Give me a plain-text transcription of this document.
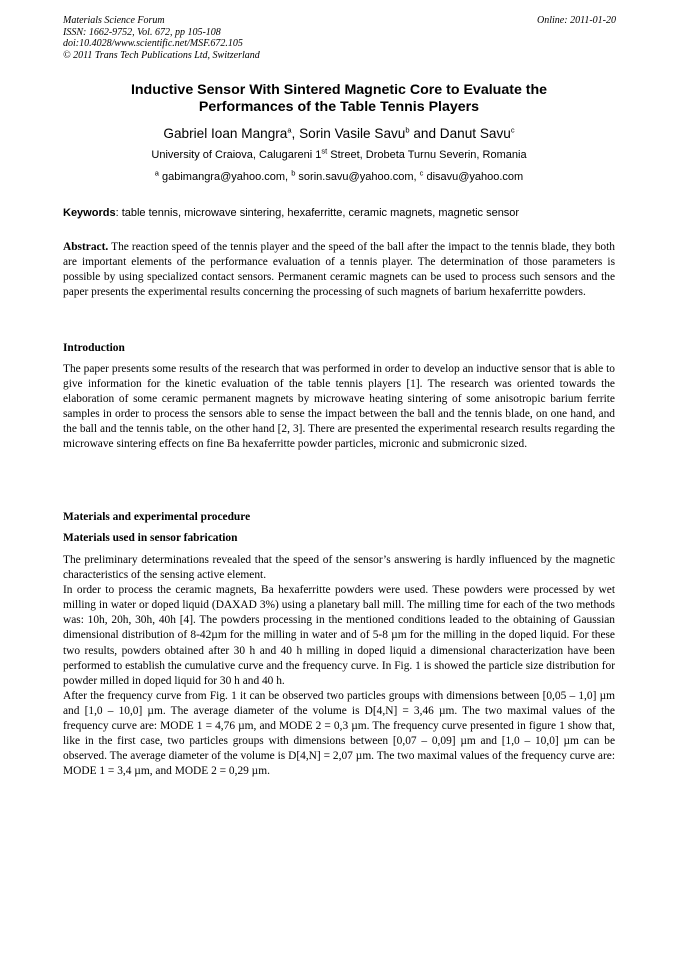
Materials Science Forum
ISSN: 1662-9752, Vol. 672, pp 105-108
doi:10.4028/www.scientific.net/MSF.672.105
© 2011 Trans Tech Publications Ltd, Switzerland
Online: 2011-01-20
Inductive Sensor With Sintered Magnetic Core to Evaluate the
Performances of the Table Tennis Players
Gabriel Ioan Mangra$^a$, Sorin Vasile Savu$^b$ and Danut Savu$^c$
University of Craiova, Calugareni 1st Street, Drobeta Turnu Severin, Romania
$^a$ gabimangra@yahoo.com, $^b$ sorin.savu@yahoo.com, $^c$ disavu@yahoo.com
Keywords: table tennis, microwave sintering, hexaferritte, ceramic magnets, magnetic sensor

Abstract. The reaction speed of the tennis player and the speed of the ball after the impact to the tennis blade, they both are important elements of the performance evaluation of a tennis player. The determination of those parameters is possible by using specialized contact sensors. Permanent ceramic magnets can be used to process such sensors and the paper presents the experimental results concerning the processing of such magnets of barium hexaferritte powders.

Introduction

The paper presents some results of the research that was performed in order to develop an inductive sensor that is able to give information for the kinetic evaluation of the table tennis players [1]. The research was oriented towards the elaboration of some ceramic permanent magnets by microwave heating sintering of some anisotropic barium ferrite samples in order to process the sensors able to sense the impact between the ball and the tennis blade, on one hand, and the ball and the tennis table, on the other hand [2, 3]. There are presented the experimental research results regarding the microwave sintering effects on fine Ba hexaferritte powder particles, micronic and submicronic sized.

Materials and experimental procedure
Materials used in sensor fabrication

The preliminary determinations revealed that the speed of the sensor’s answering is hardly influenced by the magnetic characteristics of the sensing active element.

In order to process the ceramic magnets, Ba hexaferritte powders were used. These powders were processed by wet milling in water or doped liquid (DAXAD 3%) using a planetary ball mill. The milling time for each of the two methods was: 10h, 20h, 30h, 40h [4]. The powders processing in the mentioned conditions leaded to the obtaining of Gaussian dimensional distribution of 8-42µm for the milling in water and of 5-8 µm for the milling in the doped liquid. For these two results, powders obtained after 30 h and 40 h milling in doped liquid a dimensional characterization have been performed to establish the cumulative curve and the frequency curve. In Fig. 1 is showed the particle size distribution for powder milled in doped liquid for 30 h and 40 h.

After the frequency curve from Fig. 1 it can be observed two particles groups with dimensions between [0,05 – 1,0] µm and [1,0 – 10,0] µm. The average diameter of the volume is D[4,N] = 3,46 µm. The two maximal values of the frequency curve are: MODE 1 = 4,76 µm, and MODE 2 = 0,3 µm. The frequency curve presented in figure 1 show that, like in the first case, two particles groups with dimensions between [0,07 – 0,09] µm and [1,0 – 10,0] µm can be observed. The average diameter of the volume is D[4,N] = 2,07 µm. The two maximal values of the frequency curve are: MODE 1 = 3,4 µm, and MODE 2 = 0,29 µm.
